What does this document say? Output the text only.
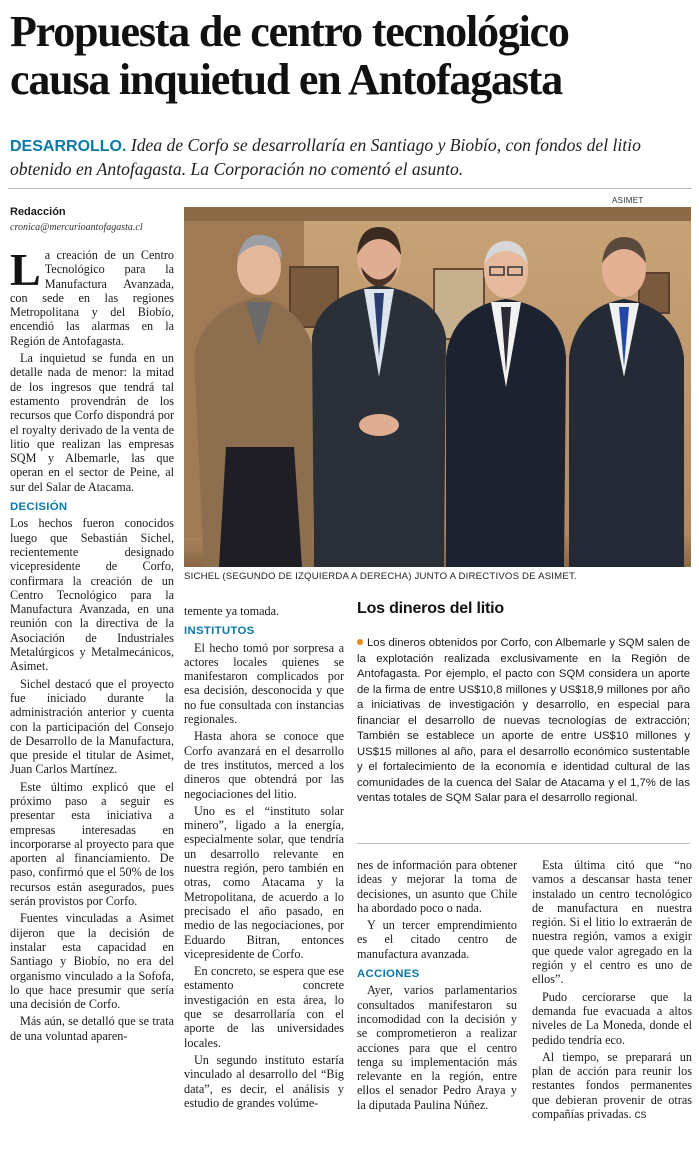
Propuesta de centro tecnológico
causa inquietud en Antofagasta
DESARROLLO. Idea de Corfo se desarrollaría en Santiago y Biobío, con fondos del litio obtenido en Antofagasta. La Corporación no comentó el asunto.
ASIMET
Redacción
cronica@mercurioantofagasta.cl
SICHEL (SEGUNDO DE IZQUIERDA A DERECHA) JUNTO A DIRECTIVOS DE ASIMET.

La creación de un Centro Tecnológico para la Manufactura Avanzada, con sede en las regiones Metropolitana y del Biobío, encendió las alarmas en la Región de Antofagasta.

La inquietud se funda en un detalle nada de menor: la mitad de los ingresos que tendrá tal estamento provendrán de los recursos que Corfo dispondrá por el royalty derivado de la venta de litio que realizan las empresas SQM y Albemarle, las que operan en el sector de Peine, al sur del Salar de Atacama.

DECISIÓN

Los hechos fueron conocidos luego que Sebastián Sichel, recientemente designado vicepresidente de Corfo, confirmara la creación de un Centro Tecnológico para la Manufactura Avanzada, en una reunión con la directiva de la Asociación de Industriales Metalúrgicos y Metalmecánicos, Asimet.

Sichel destacó que el proyecto fue iniciado durante la administración anterior y cuenta con la participación del Consejo de Desarrollo de la Manufactura, que preside el titular de Asimet, Juan Carlos Martínez.

Este último explicó que el próximo paso a seguir es presentar esta iniciativa a empresas interesadas en incorporarse al proyecto para que aporten al financiamiento. De paso, confirmó que el 50% de los recursos están asegurados, pues serán provistos por Corfo.

Fuentes vinculadas a Asimet dijeron que la decisión de instalar esta capacidad en Santiago y Biobío, no era del organismo vinculado a la Sofofa, lo que hace presumir que sería una decisión de Corfo.

Más aún, se detalló que se trata de una voluntad aparen-

temente ya tomada.

INSTITUTOS

El hecho tomó por sorpresa a actores locales quienes se manifestaron complicados por esa decisión, desconocida y que no fue consultada con instancias regionales.

Hasta ahora se conoce que Corfo avanzará en el desarrollo de tres institutos, merced a los dineros que obtendrá por las negociaciones del litio.

Uno es el “instituto solar minero”, ligado a la energía, especialmente solar, que tendría un desarrollo relevante en nuestra región, pero también en otras, como Atacama y la Metropolitana, de acuerdo a lo precisado el año pasado, en medio de las negociaciones, por Eduardo Bitran, entonces vicepresidente de Corfo.

En concreto, se espera que ese estamento concrete investigación en esta área, lo que se desarrollaría con el aporte de las universidades locales.

Un segundo instituto estaría vinculado al desarrollo del “Big data”, es decir, el análisis y estudio de grandes volúme-

Los dineros del litio
Los dineros obtenidos por Corfo, con Albemarle y SQM salen de la explotación realizada exclusivamente en la Región de Antofagasta. Por ejemplo, el pacto con SQM considera un aporte de la firma de entre US$10,8 millones y US$18,9 millones por año a iniciativas de investigación y desarrollo, en especial para financiar el desarrollo de nuevas tecnologías de extracción; También se establece un aporte de entre US$10 millones y US$15 millones al año, para el desarrollo económico sustentable y el fortalecimiento de la economía e identidad cultural de las comunidades de la cuenca del Salar de Atacama y el 1,7% de las ventas totales de SQM Salar para el desarrollo regional.

nes de información para obtener ideas y mejorar la toma de decisiones, un asunto que Chile ha abordado poco o nada.

Y un tercer emprendimiento es el citado centro de manufactura avanzada.

ACCIONES

Ayer, varios parlamentarios consultados manifestaron su incomodidad con la decisión y se comprometieron a realizar acciones para que el centro tenga su implementación más relevante en la región, entre ellos el senador Pedro Araya y la diputada Paulina Núñez.

Esta última citó que “no vamos a descansar hasta tener instalado un centro tecnológico de manufactura en nuestra región. Si el litio lo extraerán de nuestra región, vamos a exigir que quede valor agregado en la región y el centro es uno de ellos”.

Pudo cerciorarse que la demanda fue evacuada a altos niveles de La Moneda, donde el pedido tendría eco.

Al tiempo, se preparará un plan de acción para reunir los restantes fondos permanentes que debieran provenir de otras compañías privadas. cs
